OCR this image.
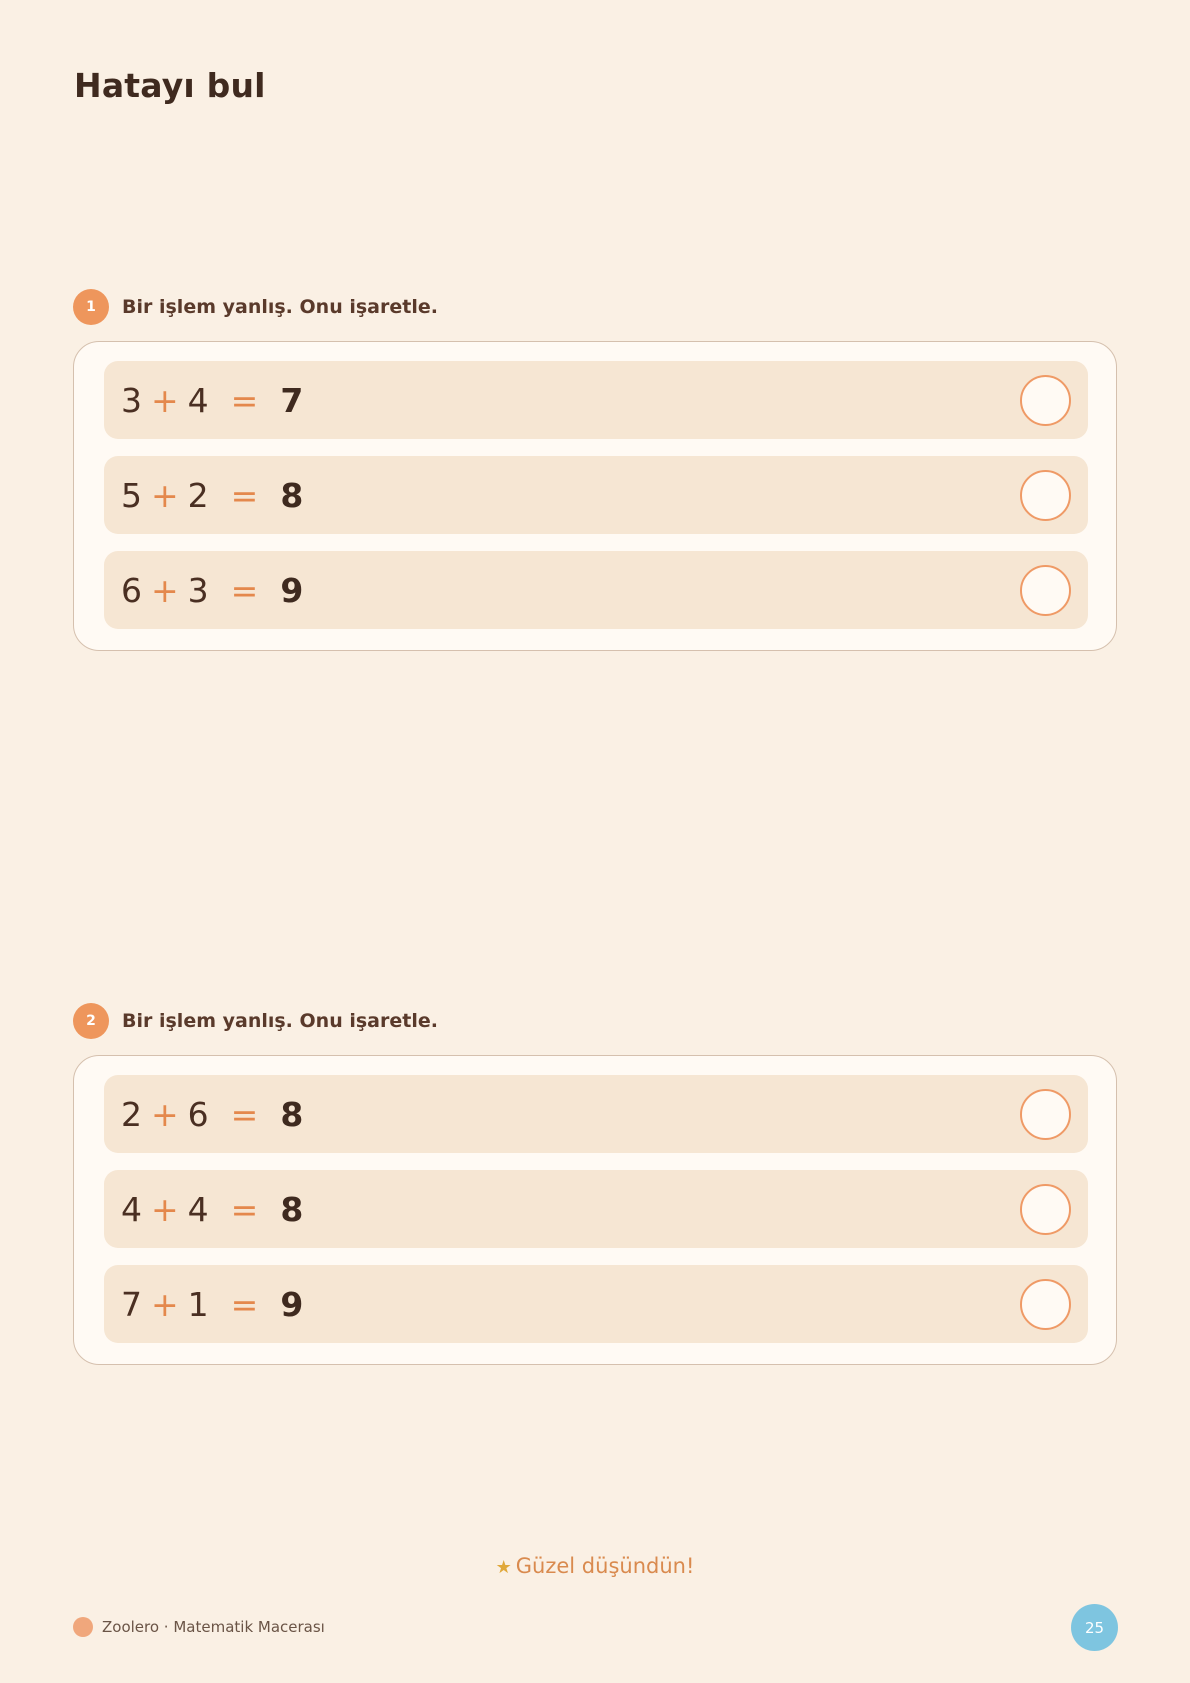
Hatayı bul
1	Bir işlem yanlış. Onu işaretle.
3 + 4 = 7
5 + 2 = 8
6 + 3 = 9
2	Bir işlem yanlış. Onu işaretle.
2 + 6 = 8
4 + 4 = 8
7 + 1 = 9
★ Güzel düşündün!
Zoolero · Matematik Macerası	25
